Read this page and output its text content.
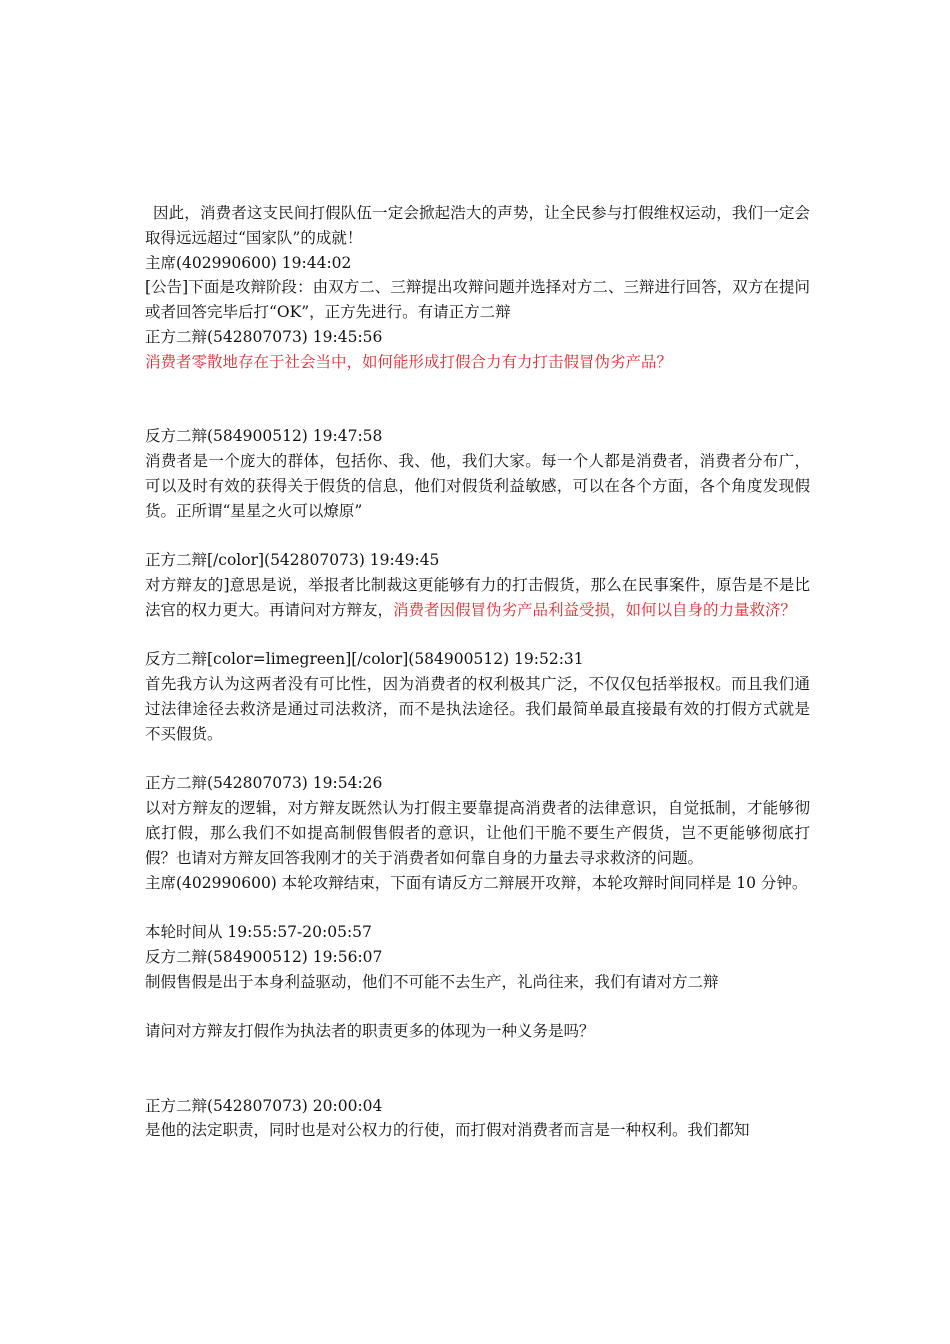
因此，消费者这支民间打假队伍一定会掀起浩大的声势，让全民参与打假维权运动，我们一定会取得远远超过“国家队”的成就！
主席(402990600) 19:44:02
[公告]下面是攻辩阶段：由双方二、三辩提出攻辩问题并选择对方二、三辩进行回答，双方在提问或者回答完毕后打“OK”，正方先进行。有请正方二辩
正方二辩(542807073) 19:45:56
消费者零散地存在于社会当中，如何能形成打假合力有力打击假冒伪劣产品？
反方二辩(584900512) 19:47:58
消费者是一个庞大的群体，包括你、我、他，我们大家。每一个人都是消费者，消费者分布广，可以及时有效的获得关于假货的信息，他们对假货利益敏感，可以在各个方面，各个角度发现假货。正所谓“星星之火可以燎原”
正方二辩[/color](542807073) 19:49:45
对方辩友的]意思是说，举报者比制裁这更能够有力的打击假货，那么在民事案件，原告是不是比法官的权力更大。再请问对方辩友，消费者因假冒伪劣产品利益受损，如何以自身的力量救济？
反方二辩[color=limegreen][/color](584900512) 19:52:31
首先我方认为这两者没有可比性，因为消费者的权利极其广泛，不仅仅包括举报权。而且我们通过法律途径去救济是通过司法救济，而不是执法途径。我们最简单最直接最有效的打假方式就是不买假货。
正方二辩(542807073) 19:54:26
以对方辩友的逻辑，对方辩友既然认为打假主要靠提高消费者的法律意识，自觉抵制，才能够彻底打假，那么我们不如提高制假售假者的意识，让他们干脆不要生产假货，岂不更能够彻底打假？也请对方辩友回答我刚才的关于消费者如何靠自身的力量去寻求救济的问题。
主席(402990600) 本轮攻辩结束，下面有请反方二辩展开攻辩，本轮攻辩时间同样是 10 分钟。
本轮时间从 19:55:57-20:05:57
反方二辩(584900512) 19:56:07
制假售假是出于本身利益驱动，他们不可能不去生产，礼尚往来，我们有请对方二辩
请问对方辩友打假作为执法者的职责更多的体现为一种义务是吗？
正方二辩(542807073) 20:00:04
是他的法定职责，同时也是对公权力的行使，而打假对消费者而言是一种权利。我们都知
